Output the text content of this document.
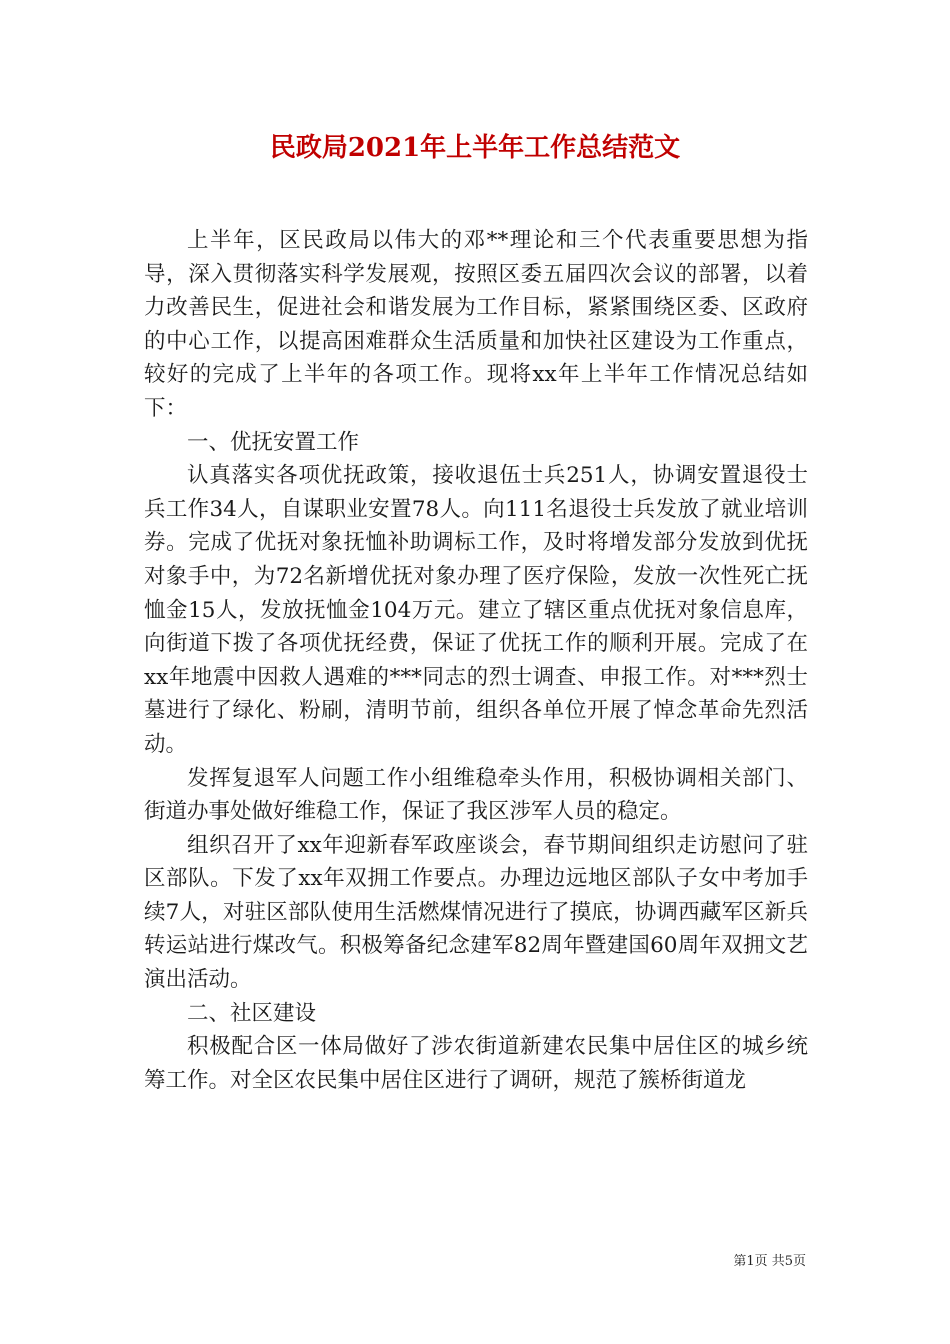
民政局2021年上半年工作总结范文

上半年，区民政局以伟大的邓**理论和三个代表重要思想为指导，深入贯彻落实科学发展观，按照区委五届四次会议的部署，以着力改善民生，促进社会和谐发展为工作目标，紧紧围绕区委、区政府的中心工作，以提高困难群众生活质量和加快社区建设为工作重点，较好的完成了上半年的各项工作。现将xx年上半年工作情况总结如下：

一、优抚安置工作

认真落实各项优抚政策，接收退伍士兵251人，协调安置退役士兵工作34人，自谋职业安置78人。向111名退役士兵发放了就业培训券。完成了优抚对象抚恤补助调标工作，及时将增发部分发放到优抚对象手中，为72名新增优抚对象办理了医疗保险，发放一次性死亡抚恤金15人，发放抚恤金104万元。建立了辖区重点优抚对象信息库，向街道下拨了各项优抚经费，保证了优抚工作的顺利开展。完成了在xx年地震中因救人遇难的***同志的烈士调查、申报工作。对***烈士墓进行了绿化、粉刷，清明节前，组织各单位开展了悼念革命先烈活动。

发挥复退军人问题工作小组维稳牵头作用，积极协调相关部门、街道办事处做好维稳工作，保证了我区涉军人员的稳定。

组织召开了xx年迎新春军政座谈会，春节期间组织走访慰问了驻区部队。下发了xx年双拥工作要点。办理边远地区部队子女中考加手续7人，对驻区部队使用生活燃煤情况进行了摸底，协调西藏军区新兵转运站进行煤改气。积极筹备纪念建军82周年暨建国60周年双拥文艺演出活动。

二、社区建设

积极配合区一体局做好了涉农街道新建农民集中居住区的城乡统筹工作。对全区农民集中居住区进行了调研，规范了簇桥街道龙

第1页 共5页
